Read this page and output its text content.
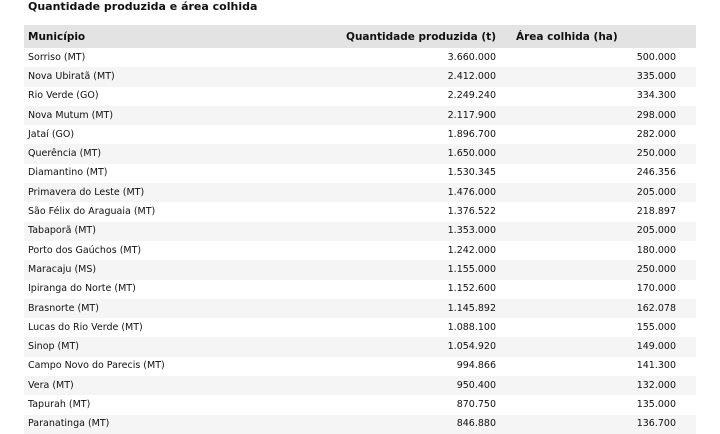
Quantidade produzida e área colhida
Município	Quantidade produzida (t)	Área colhida (ha)
Sorriso (MT)	3.660.000	500.000
Nova Ubiratã (MT)	2.412.000	335.000
Rio Verde (GO)	2.249.240	334.300
Nova Mutum (MT)	2.117.900	298.000
Jataí (GO)	1.896.700	282.000
Querência (MT)	1.650.000	250.000
Diamantino (MT)	1.530.345	246.356
Primavera do Leste (MT)	1.476.000	205.000
São Félix do Araguaia (MT)	1.376.522	218.897
Tabaporã (MT)	1.353.000	205.000
Porto dos Gaúchos (MT)	1.242.000	180.000
Maracaju (MS)	1.155.000	250.000
Ipiranga do Norte (MT)	1.152.600	170.000
Brasnorte (MT)	1.145.892	162.078
Lucas do Rio Verde (MT)	1.088.100	155.000
Sinop (MT)	1.054.920	149.000
Campo Novo do Parecis (MT)	994.866	141.300
Vera (MT)	950.400	132.000
Tapurah (MT)	870.750	135.000
Paranatinga (MT)	846.880	136.700
